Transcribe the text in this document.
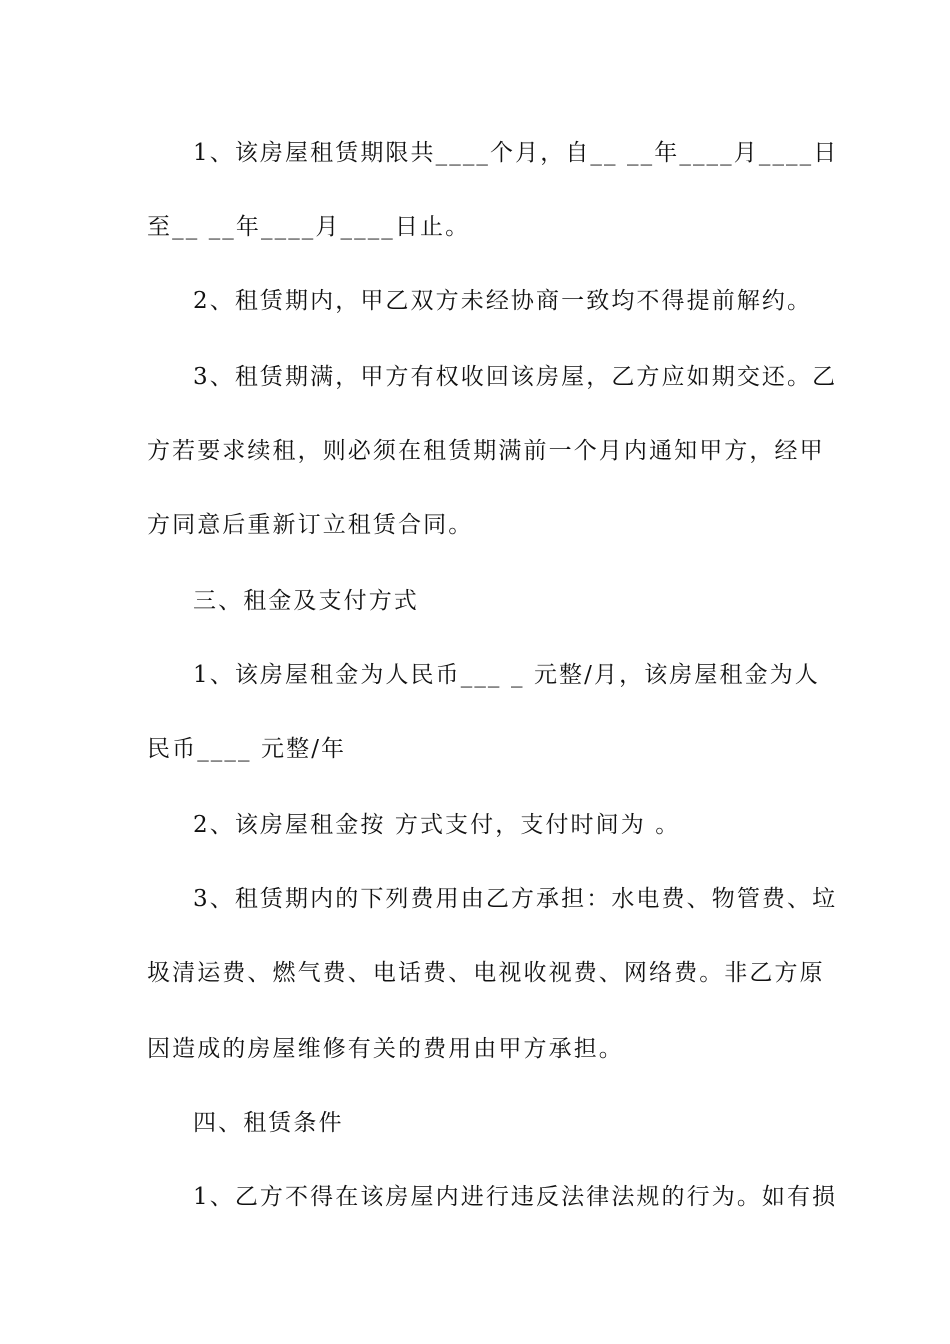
1、该房屋租赁期限共____个月，自__ __年____月____日
至__ __年____月____日止。
2、租赁期内，甲乙双方未经协商一致均不得提前解约。
3、租赁期满，甲方有权收回该房屋，乙方应如期交还。乙
方若要求续租，则必须在租赁期满前一个月内通知甲方，经甲
方同意后重新订立租赁合同。
三、租金及支付方式
1、该房屋租金为人民币___ _ 元整/月，该房屋租金为人
民币____ 元整/年
2、该房屋租金按 方式支付，支付时间为 。
3、租赁期内的下列费用由乙方承担：水电费、物管费、垃
圾清运费、燃气费、电话费、电视收视费、网络费。非乙方原
因造成的房屋维修有关的费用由甲方承担。
四、租赁条件
1、乙方不得在该房屋内进行违反法律法规的行为。如有损
